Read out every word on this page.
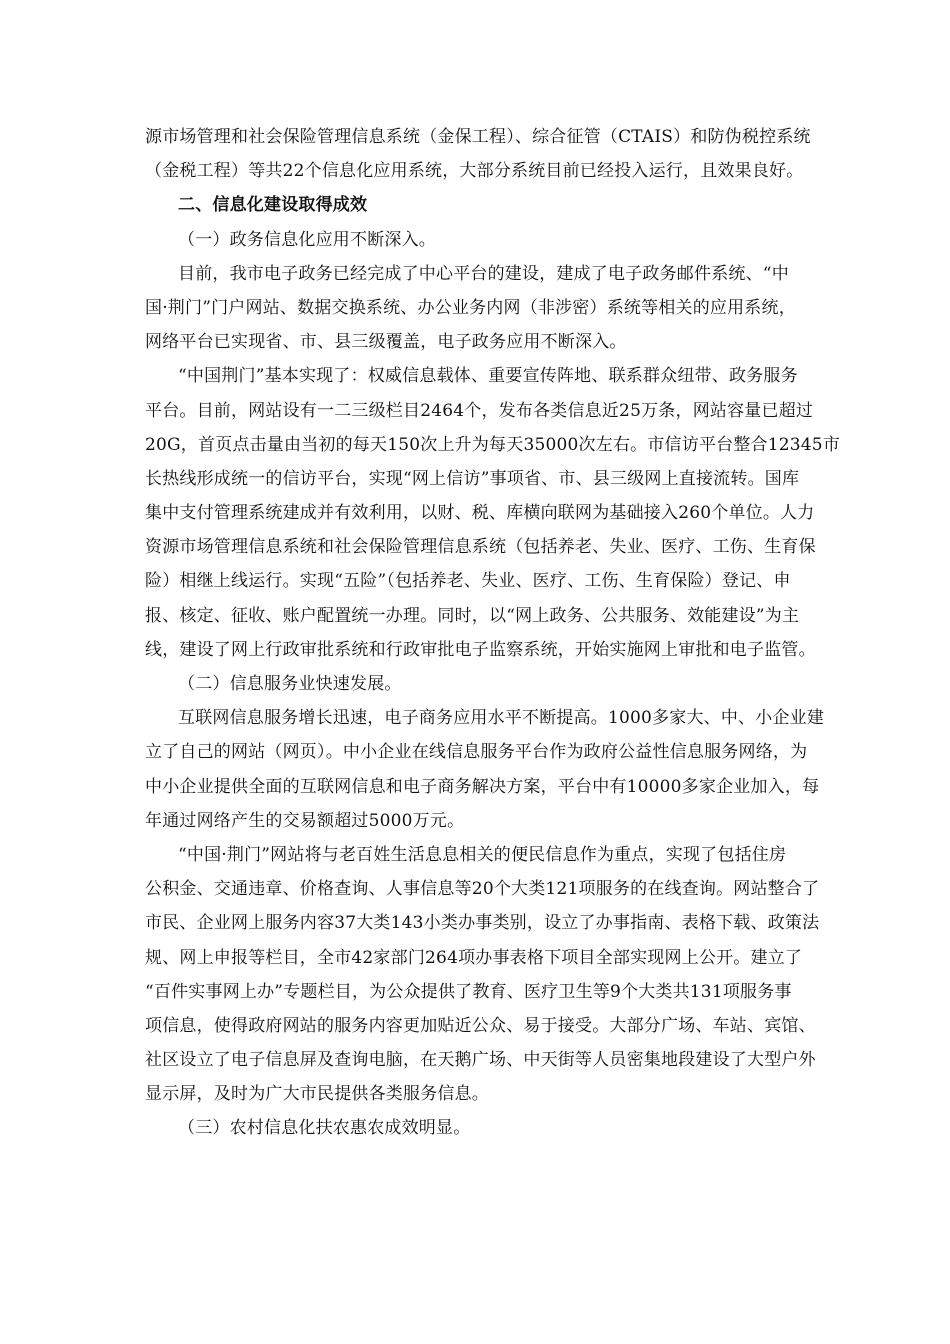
源市场管理和社会保险管理信息系统（金保工程）、综合征管（CTAIS）和防伪税控系统
（金税工程）等共22个信息化应用系统，大部分系统目前已经投入运行，且效果良好。
二、信息化建设取得成效
（一）政务信息化应用不断深入。
目前，我市电子政务已经完成了中心平台的建设，建成了电子政务邮件系统、“中
国·荆门”门户网站、数据交换系统、办公业务内网（非涉密）系统等相关的应用系统，
网络平台已实现省、市、县三级覆盖，电子政务应用不断深入。
“中国荆门”基本实现了：权威信息载体、重要宣传阵地、联系群众纽带、政务服务
平台。目前，网站设有一二三级栏目2464个，发布各类信息近25万条，网站容量已超过
20G，首页点击量由当初的每天150次上升为每天35000次左右。市信访平台整合12345市
长热线形成统一的信访平台，实现“网上信访”事项省、市、县三级网上直接流转。国库
集中支付管理系统建成并有效利用，以财、税、库横向联网为基础接入260个单位。人力
资源市场管理信息系统和社会保险管理信息系统（包括养老、失业、医疗、工伤、生育保
险）相继上线运行。实现“五险”（包括养老、失业、医疗、工伤、生育保险）登记、申
报、核定、征收、账户配置统一办理。同时，以“网上政务、公共服务、效能建设”为主
线，建设了网上行政审批系统和行政审批电子监察系统，开始实施网上审批和电子监管。
（二）信息服务业快速发展。
互联网信息服务增长迅速，电子商务应用水平不断提高。1000多家大、中、小企业建
立了自己的网站（网页）。中小企业在线信息服务平台作为政府公益性信息服务网络，为
中小企业提供全面的互联网信息和电子商务解决方案，平台中有10000多家企业加入，每
年通过网络产生的交易额超过5000万元。
“中国·荆门”网站将与老百姓生活息息相关的便民信息作为重点，实现了包括住房
公积金、交通违章、价格查询、人事信息等20个大类121项服务的在线查询。网站整合了
市民、企业网上服务内容37大类143小类办事类别，设立了办事指南、表格下载、政策法
规、网上申报等栏目，全市42家部门264项办事表格下项目全部实现网上公开。建立了
“百件实事网上办”专题栏目，为公众提供了教育、医疗卫生等9个大类共131项服务事
项信息，使得政府网站的服务内容更加贴近公众、易于接受。大部分广场、车站、宾馆、
社区设立了电子信息屏及查询电脑，在天鹅广场、中天街等人员密集地段建设了大型户外
显示屏，及时为广大市民提供各类服务信息。
（三）农村信息化扶农惠农成效明显。
